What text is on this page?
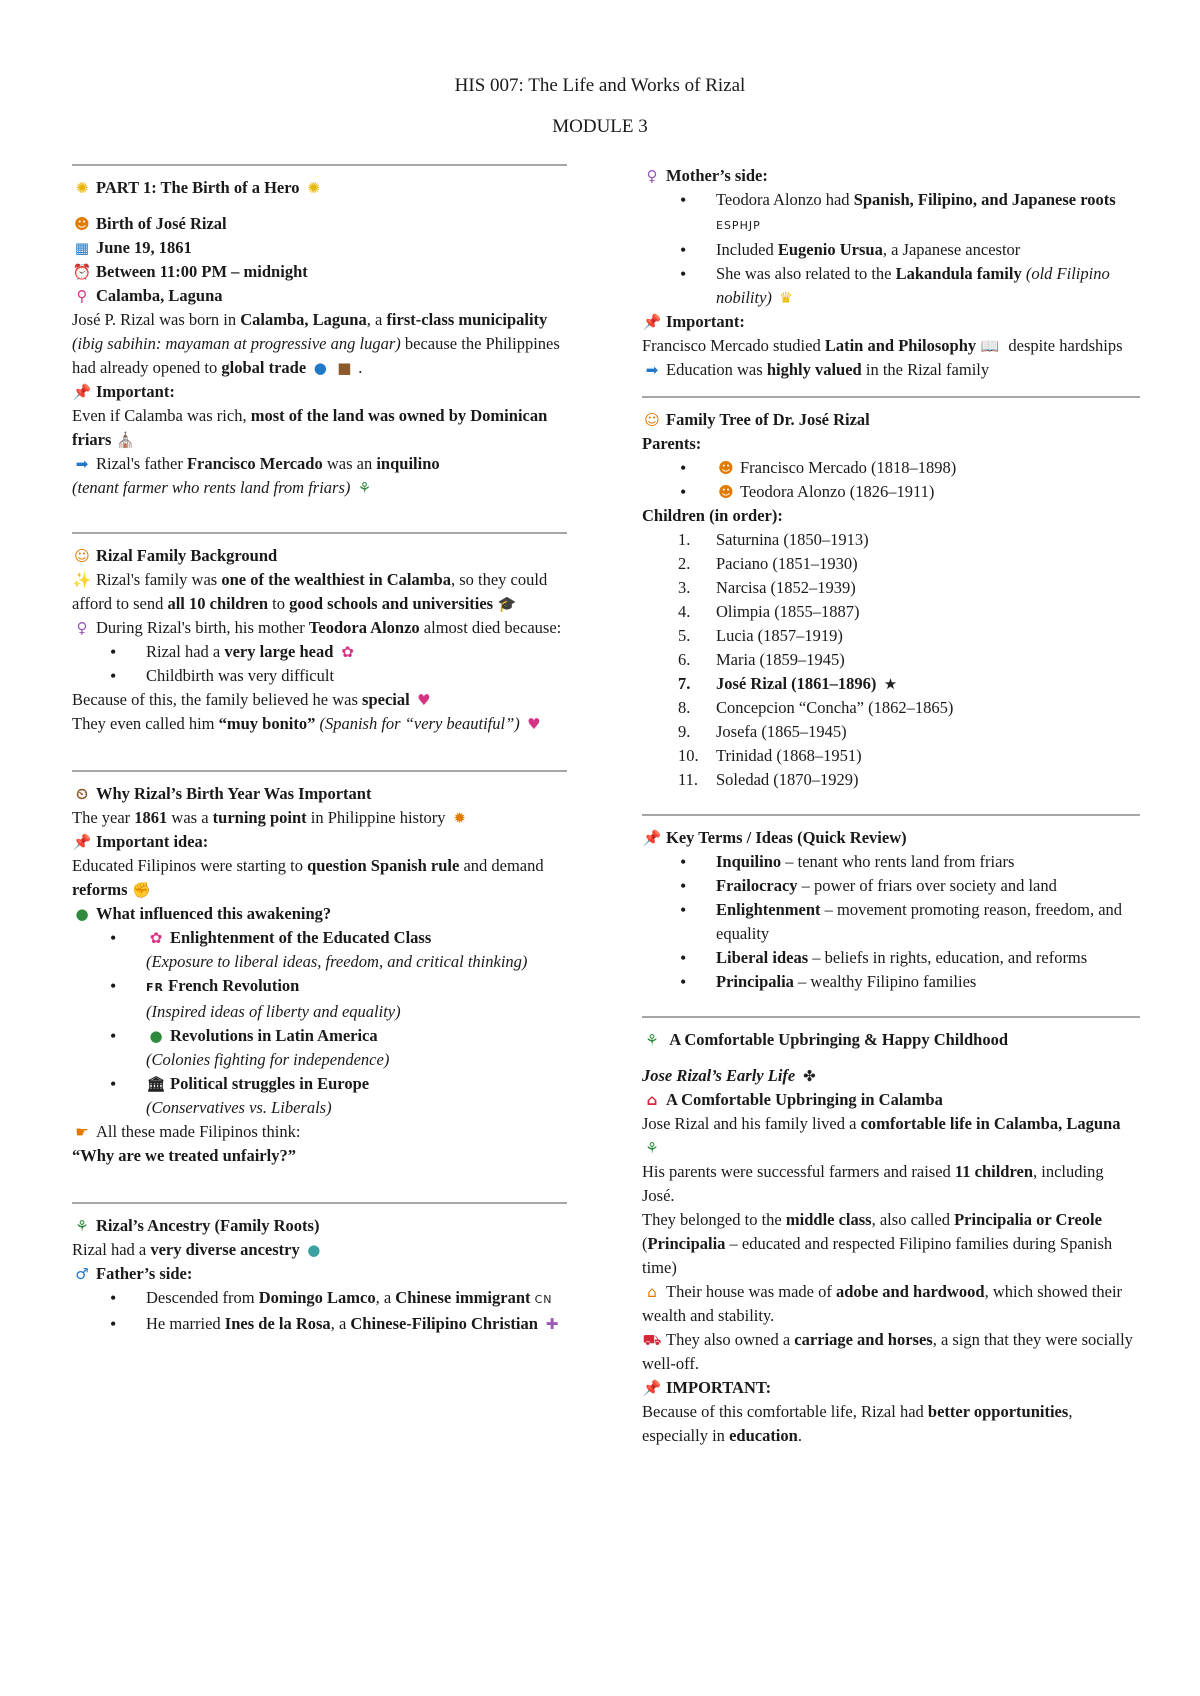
HIS 007: The Life and Works of Rizal
MODULE 3

✺ PART 1: The Birth of a Hero ✺

☻ Birth of José Rizal

▦ June 19, 1861

⏰ Between 11:00 PM – midnight

⚲ Calamba, Laguna

José P. Rizal was born in Calamba, Laguna, a first-class municipality (ibig sabihin: mayaman at progressive ang lugar) because the Philippines had already opened to global trade ● ■ .

📌 Important:

Even if Calamba was rich, most of the land was owned by Dominican friars ⛪

➡ Rizal's father Francisco Mercado was an inquilino
(tenant farmer who rents land from friars) ⚘

☺ Rizal Family Background

✨ Rizal's family was one of the wealthiest in Calamba, so they could afford to send all 10 children to good schools and universities 🎓

♀ During Rizal's birth, his mother Teodora Alonzo almost died because:

• Rizal had a very large head ✿
• Childbirth was very difficult

Because of this, the family believed he was special ♥

They even called him “muy bonito” (Spanish for “very beautiful”) ♥

⏲ Why Rizal’s Birth Year Was Important

The year 1861 was a turning point in Philippine history ✹

📌 Important idea:

Educated Filipinos were starting to question Spanish rule and demand reforms ✊

● What influenced this awakening?

• ✿ Enlightenment of the Educated Class
(Exposure to liberal ideas, freedom, and critical thinking)
• FR French Revolution
(Inspired ideas of liberty and equality)
• ● Revolutions in Latin America
(Colonies fighting for independence)
• 🏛 Political struggles in Europe
(Conservatives vs. Liberals)

☛ All these made Filipinos think:

“Why are we treated unfairly?”

⚘ Rizal’s Ancestry (Family Roots)

Rizal had a very diverse ancestry ●

♂ Father’s side:

• Descended from Domingo Lamco, a Chinese immigrant CN
• He married Ines de la Rosa, a Chinese-Filipino Christian ✚

♀ Mother’s side:

• Teodora Alonzo had Spanish, Filipino, and Japanese roots ESPHJP
• Included Eugenio Ursua, a Japanese ancestor
• She was also related to the Lakandula family (old Filipino nobility) ♛

📌 Important:

Francisco Mercado studied Latin and Philosophy 📖 despite hardships

➡ Education was highly valued in the Rizal family

☺ Family Tree of Dr. José Rizal

Parents:

• ☻ Francisco Mercado (1818–1898)
• ☻ Teodora Alonzo (1826–1911)

Children (in order):

1.	Saturnina (1850–1913)
2.	Paciano (1851–1930)
3.	Narcisa (1852–1939)
4.	Olimpia (1855–1887)
5.	Lucia (1857–1919)
6.	Maria (1859–1945)
7.	José Rizal (1861–1896) ★
8.	Concepcion “Concha” (1862–1865)
9.	Josefa (1865–1945)
10.	Trinidad (1868–1951)
11.	Soledad (1870–1929)

📌 Key Terms / Ideas (Quick Review)

• Inquilino – tenant who rents land from friars
• Frailocracy – power of friars over society and land
• Enlightenment – movement promoting reason, freedom, and equality
• Liberal ideas – beliefs in rights, education, and reforms
• Principalia – wealthy Filipino families

⚘ A Comfortable Upbringing & Happy Childhood

Jose Rizal’s Early Life ✤

⌂ A Comfortable Upbringing in Calamba

Jose Rizal and his family lived a comfortable life in Calamba, Laguna ⚘

His parents were successful farmers and raised 11 children, including José.

They belonged to the middle class, also called Principalia or Creole

(Principalia – educated and respected Filipino families during Spanish time)

⌂ Their house was made of adobe and hardwood, which showed their wealth and stability.

⛟ They also owned a carriage and horses, a sign that they were socially well-off.

📌 IMPORTANT:

Because of this comfortable life, Rizal had better opportunities, especially in education.
